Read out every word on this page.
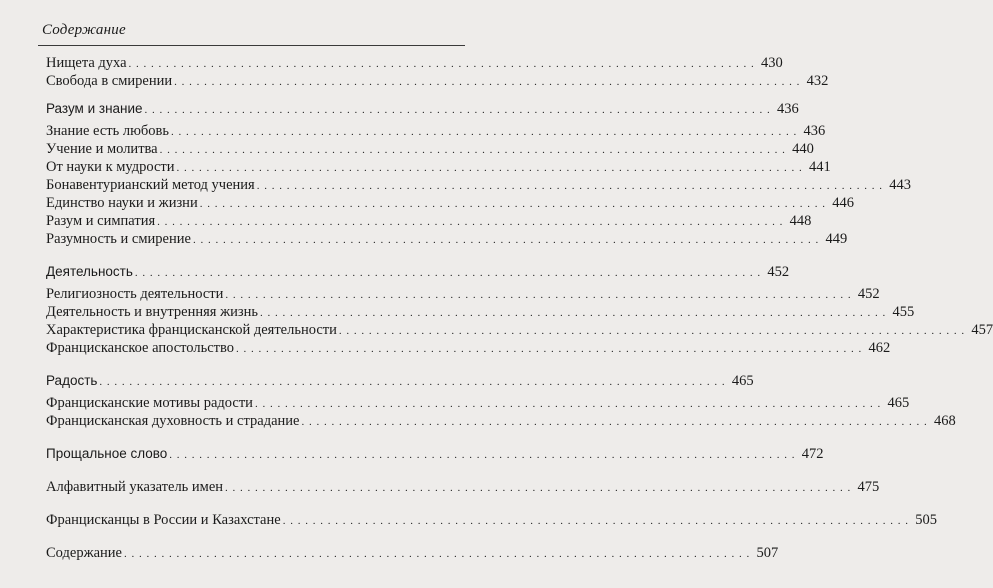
Содержание
Нищета духа . . .	430
Свобода в смирении . . .	432
Разум и знание . . .	436
Знание есть любовь . . .	436
Учение и молитва . . .	440
От науки к мудрости . . .	441
Бонавентурианский метод учения . . .	443
Единство науки и жизни . . .	446
Разум и симпатия . . .	448
Разумность и смирение . . .	449
Деятельность . . .	452
Религиозность деятельности . . .	452
Деятельность и внутренняя жизнь . . .	455
Характеристика францисканской деятельности . . .	457
Францисканское апостольство . . .	462
Радость . . .	465
Францисканские мотивы радости . . .	465
Францисканская духовность и страдание . . .	468
Прощальное слово . . .	472
Алфавитный указатель имен . . .	475
Францисканцы в России и Казахстане . . .	505
Содержание . . .	507
